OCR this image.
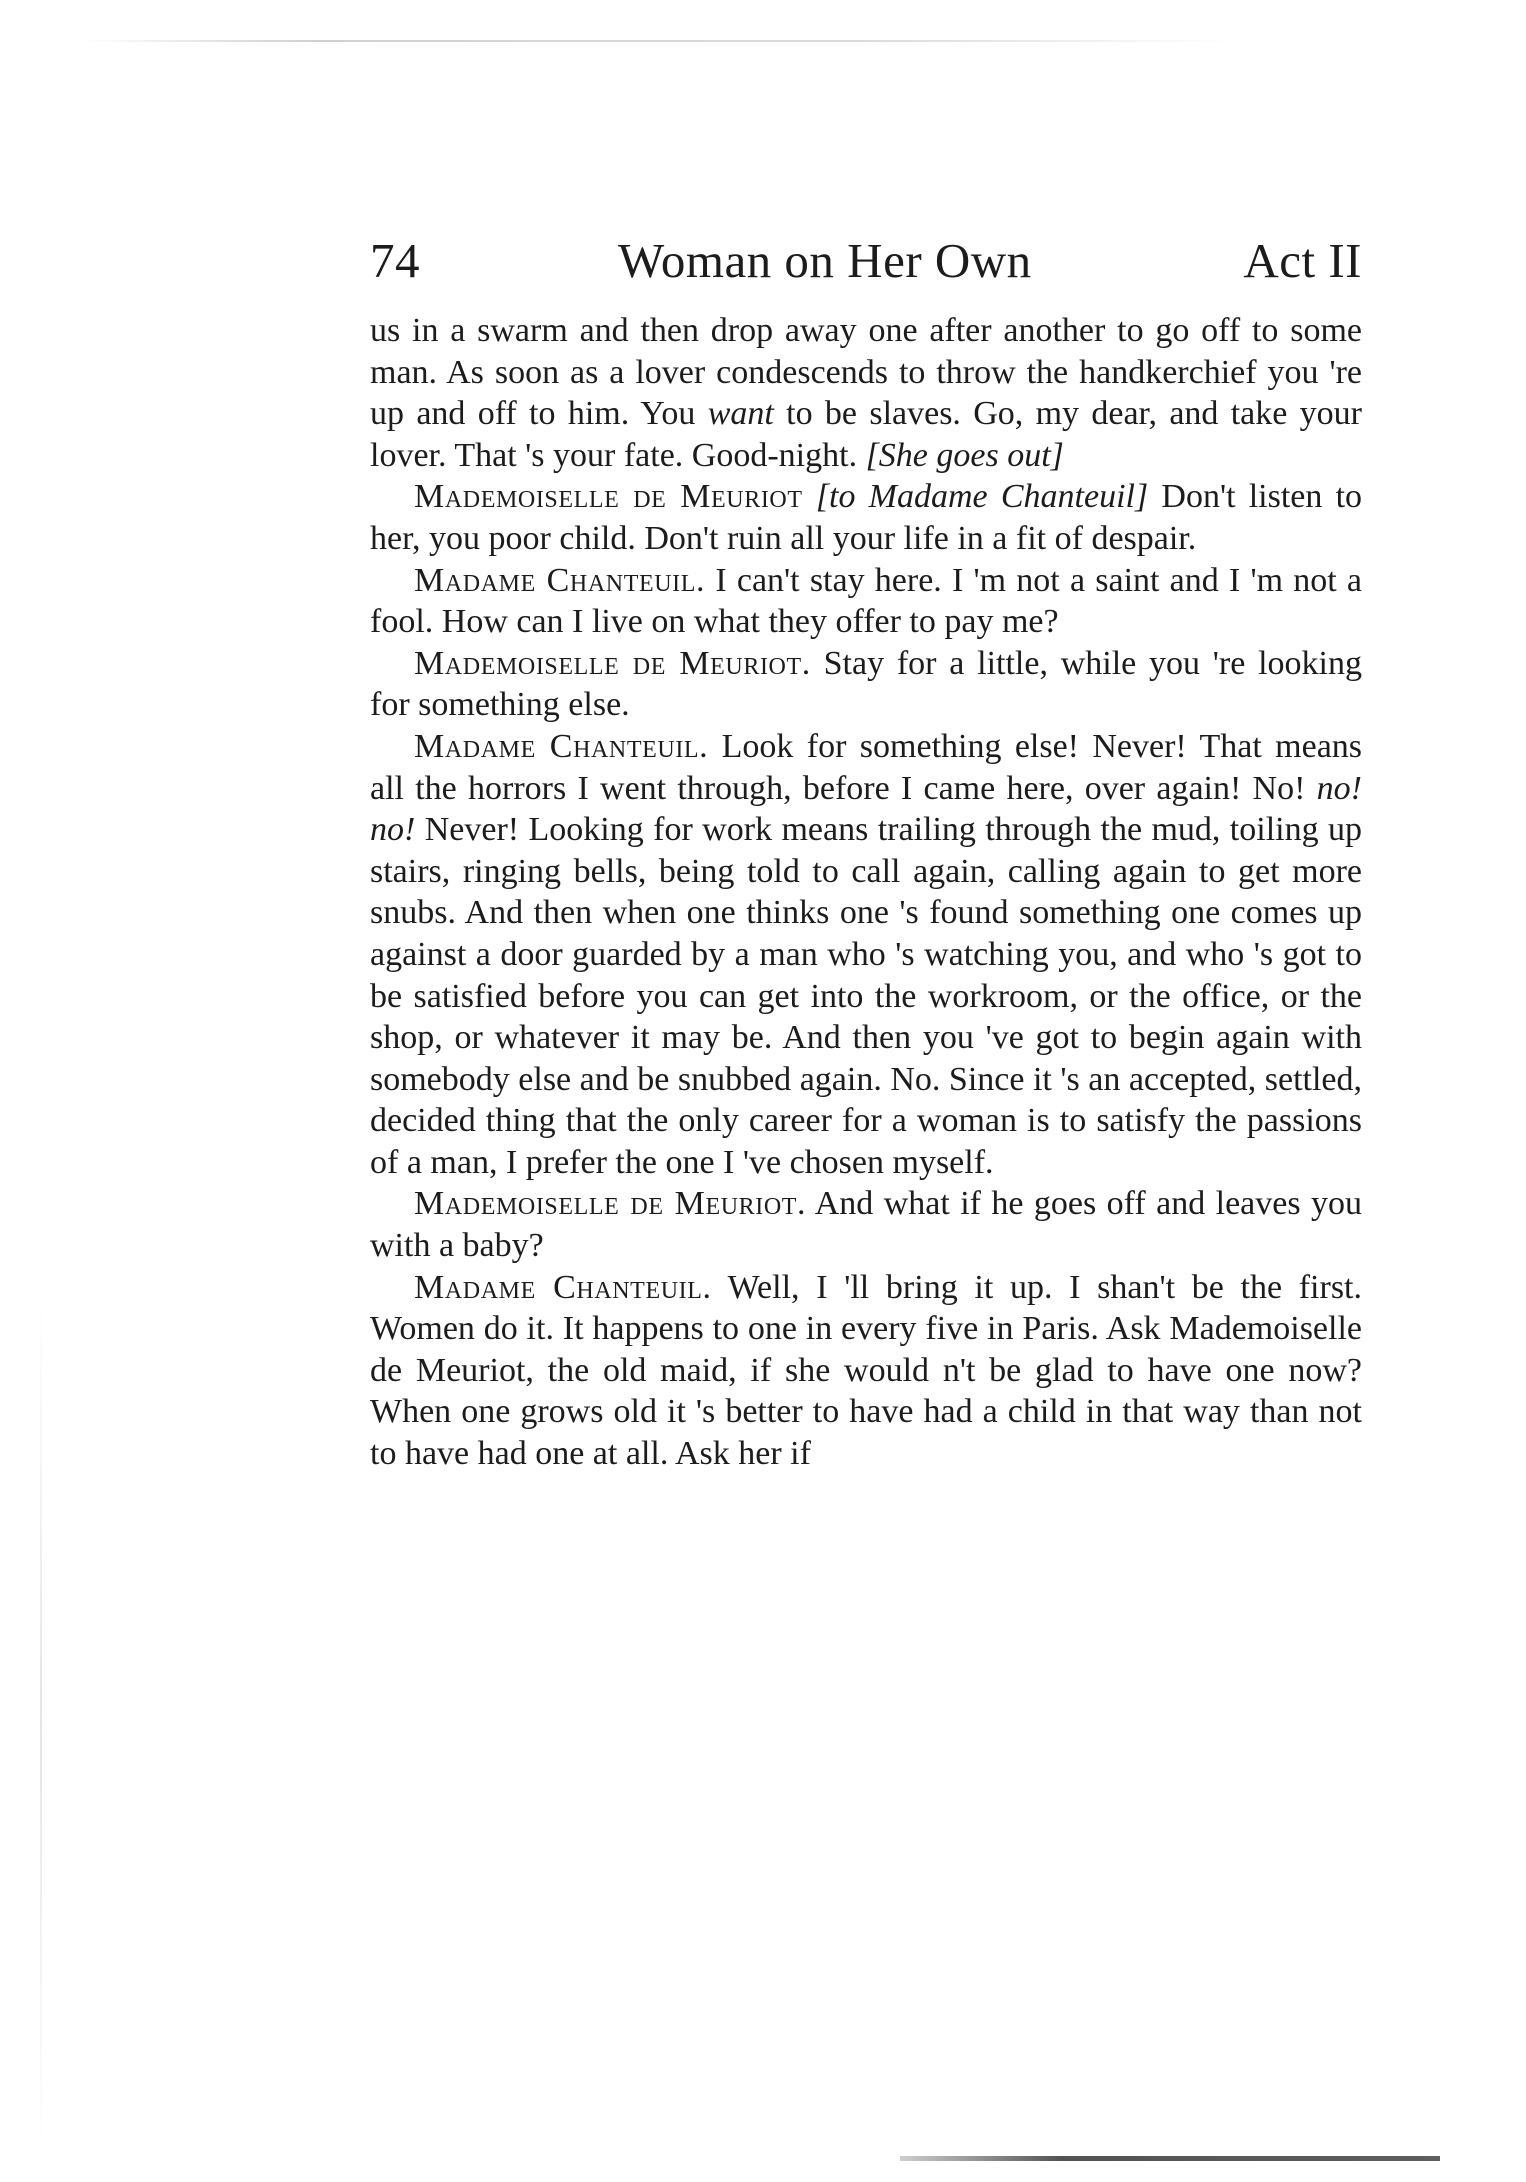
74	Woman on Her Own	Act II

us in a swarm and then drop away one after another to go off to some man. As soon as a lover condescends to throw the handkerchief you 're up and off to him. You want to be slaves. Go, my dear, and take your lover. That 's your fate. Good-night. [She goes out]

Mademoiselle de Meuriot [to Madame Chanteuil] Don't listen to her, you poor child. Don't ruin all your life in a fit of despair.

Madame Chanteuil. I can't stay here. I 'm not a saint and I 'm not a fool. How can I live on what they offer to pay me?

Mademoiselle de Meuriot. Stay for a little, while you 're looking for something else.

Madame Chanteuil. Look for something else! Never! That means all the horrors I went through, before I came here, over again! No! no! no! Never! Looking for work means trailing through the mud, toiling up stairs, ringing bells, being told to call again, calling again to get more snubs. And then when one thinks one 's found something one comes up against a door guarded by a man who 's watching you, and who 's got to be satisfied before you can get into the workroom, or the office, or the shop, or whatever it may be. And then you 've got to begin again with somebody else and be snubbed again. No. Since it 's an accepted, settled, decided thing that the only career for a woman is to satisfy the passions of a man, I prefer the one I 've chosen myself.

Mademoiselle de Meuriot. And what if he goes off and leaves you with a baby?

Madame Chanteuil. Well, I 'll bring it up. I shan't be the first. Women do it. It happens to one in every five in Paris. Ask Mademoiselle de Meuriot, the old maid, if she would n't be glad to have one now? When one grows old it 's better to have had a child in that way than not to have had one at all. Ask her if
